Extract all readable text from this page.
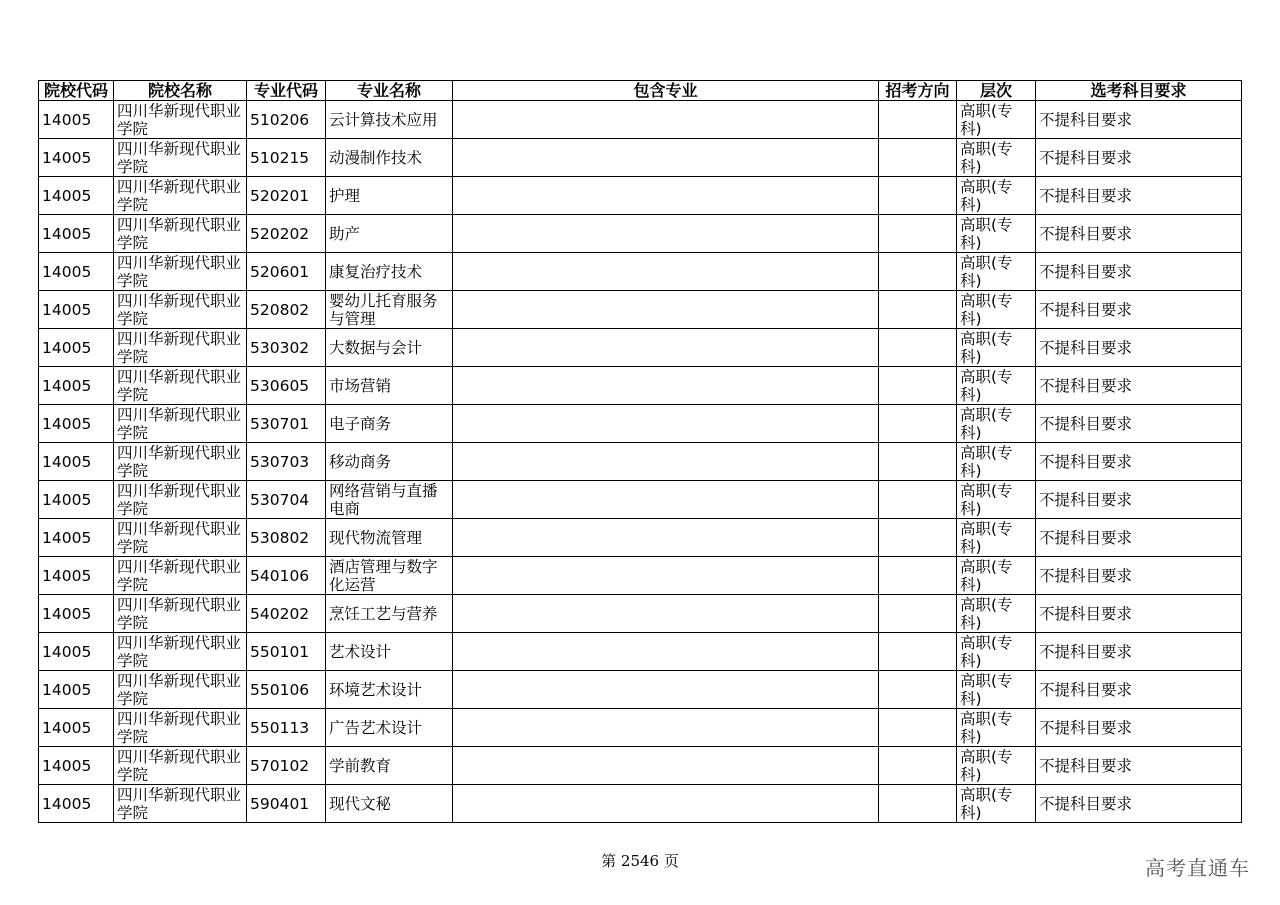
院校代码	院校名称	专业代码	专业名称	包含专业	招考方向	层次	选考科目要求
14005	四川华新现代职业学院	510206	云计算技术应用			高职(专科)	不提科目要求
14005	四川华新现代职业学院	510215	动漫制作技术			高职(专科)	不提科目要求
14005	四川华新现代职业学院	520201	护理			高职(专科)	不提科目要求
14005	四川华新现代职业学院	520202	助产			高职(专科)	不提科目要求
14005	四川华新现代职业学院	520601	康复治疗技术			高职(专科)	不提科目要求
14005	四川华新现代职业学院	520802	婴幼儿托育服务与管理			高职(专科)	不提科目要求
14005	四川华新现代职业学院	530302	大数据与会计			高职(专科)	不提科目要求
14005	四川华新现代职业学院	530605	市场营销			高职(专科)	不提科目要求
14005	四川华新现代职业学院	530701	电子商务			高职(专科)	不提科目要求
14005	四川华新现代职业学院	530703	移动商务			高职(专科)	不提科目要求
14005	四川华新现代职业学院	530704	网络营销与直播电商			高职(专科)	不提科目要求
14005	四川华新现代职业学院	530802	现代物流管理			高职(专科)	不提科目要求
14005	四川华新现代职业学院	540106	酒店管理与数字化运营			高职(专科)	不提科目要求
14005	四川华新现代职业学院	540202	烹饪工艺与营养			高职(专科)	不提科目要求
14005	四川华新现代职业学院	550101	艺术设计			高职(专科)	不提科目要求
14005	四川华新现代职业学院	550106	环境艺术设计			高职(专科)	不提科目要求
14005	四川华新现代职业学院	550113	广告艺术设计			高职(专科)	不提科目要求
14005	四川华新现代职业学院	570102	学前教育			高职(专科)	不提科目要求
14005	四川华新现代职业学院	590401	现代文秘			高职(专科)	不提科目要求
第 2546 页	高考直通车
